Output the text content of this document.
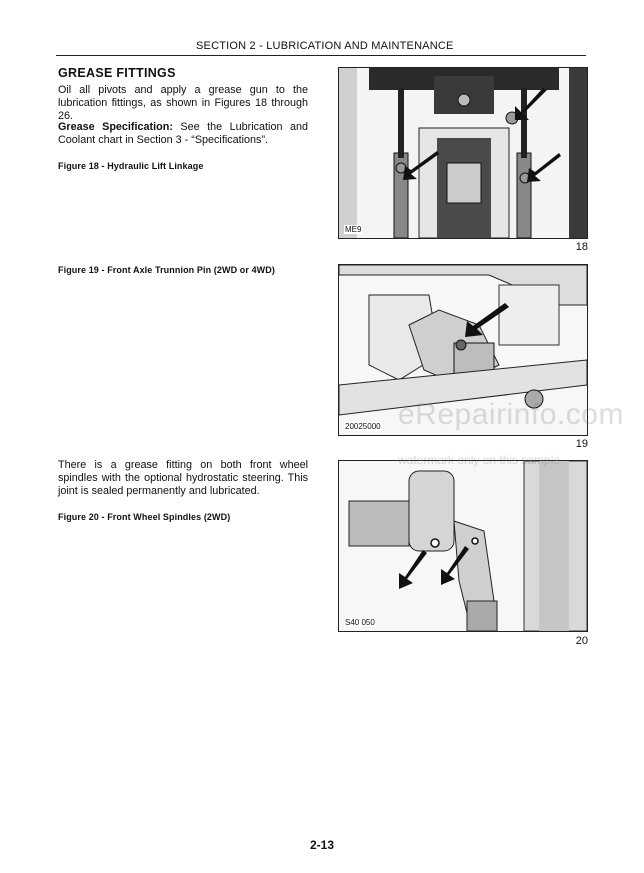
SECTION 2 - LUBRICATION AND MAINTENANCE
GREASE FITTINGS
Oil all pivots and apply a grease gun to the lubrication fittings, as shown in Figures 18 through 26.
Grease Specification: See the Lubrication and Coolant chart in Section 3 - “Specifications”.
Figure 18 - Hydraulic Lift Linkage
ME9
18
Figure 19 - Front Axle Trunnion Pin (2WD or 4WD)
20025000
19
There is a grease fitting on both front wheel spindles with the optional hydrostatic steering. This joint is sealed permanently and lubricated.
Figure 20 - Front Wheel Spindles (2WD)
S40 050
20
eRepairinfo.com
watermark only on this sample
2-13
